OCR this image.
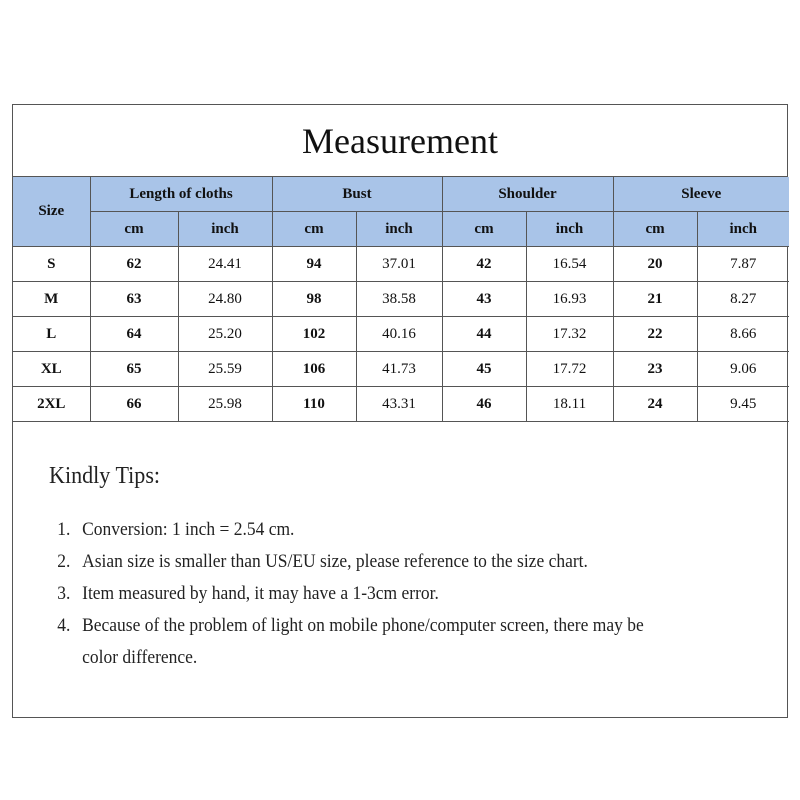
Measurement
Size	Length of cloths		Bust		Shoulder		Sleeve	
	cm	inch	cm	inch	cm	inch	cm	inch
S	62	24.41	94	37.01	42	16.54	20	7.87
M	63	24.80	98	38.58	43	16.93	21	8.27
L	64	25.20	102	40.16	44	17.32	22	8.66
XL	65	25.59	106	41.73	45	17.72	23	9.06
2XL	66	25.98	110	43.31	46	18.11	24	9.45
Kindly Tips:
1. Conversion: 1 inch = 2.54 cm.
2. Asian size is smaller than US/EU size, please reference to the size chart.
3. Item measured by hand, it may have a 1-3cm error.
4. Because of the problem of light on mobile phone/computer screen, there may be color difference.
